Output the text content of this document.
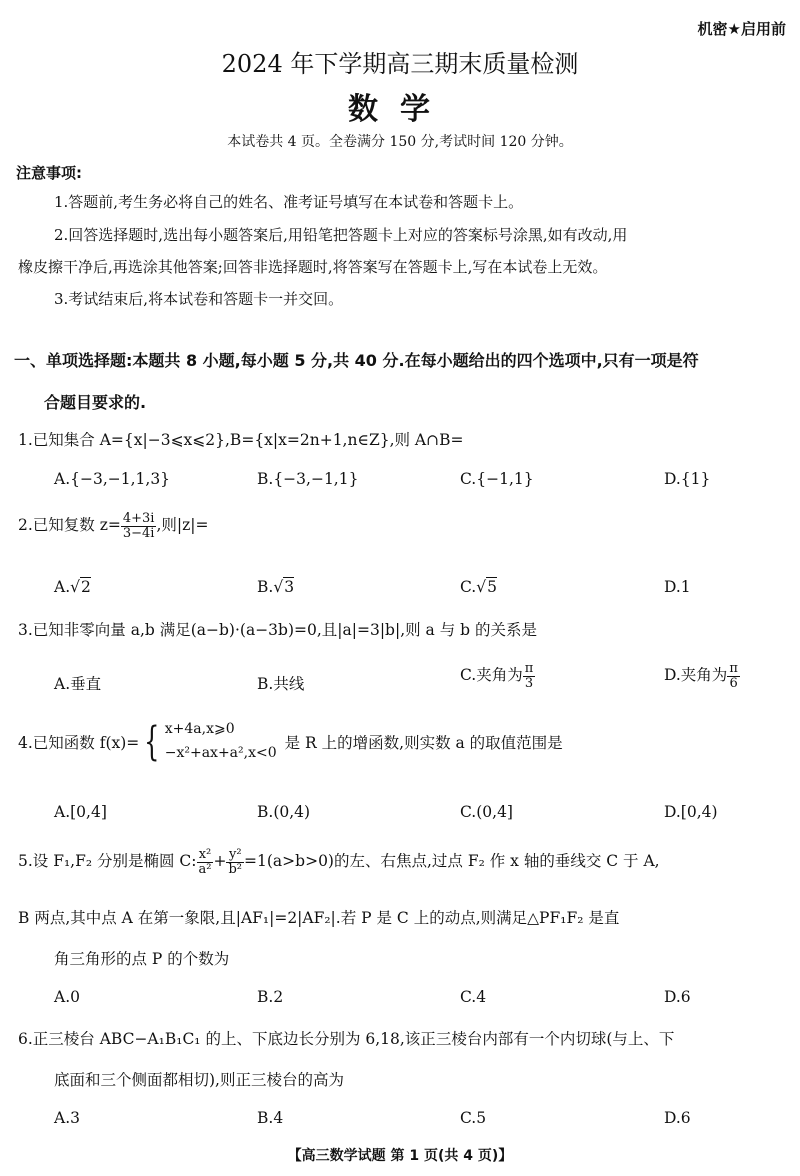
机密★启用前
2024 年下学期高三期末质量检测
数学
本试卷共 4 页。全卷满分 150 分,考试时间 120 分钟。
注意事项:
1.答题前,考生务必将自己的姓名、准考证号填写在本试卷和答题卡上。
2.回答选择题时,选出每小题答案后,用铅笔把答题卡上对应的答案标号涂黑,如有改动,用
橡皮擦干净后,再选涂其他答案;回答非选择题时,将答案写在答题卡上,写在本试卷上无效。
3.考试结束后,将本试卷和答题卡一并交回。
一、单项选择题:本题共 8 小题,每小题 5 分,共 40 分.在每小题给出的四个选项中,只有一项是符
合题目要求的.
1.已知集合 A={x|−3⩽x⩽2},B={x|x=2n+1,n∈Z},则 A∩B=
A.{−3,−1,1,3}	B.{−3,−1,1}	C.{−1,1}	D.{1}
2.已知复数 $z= \frac{4+3i}{3-4i}$ ,则|z|=
A.√2	B.√3	C.√5	D.1
3.已知非零向量 a,b 满足(a−b)·(a−3b)=0,且|a|=3|b|,则 a 与 b 的关系是
A.垂直	B.共线	C.夹角为 $\frac{\pi}{3}$	D.夹角为 $\frac{\pi}{6}$
4.已知函数 f(x)= { x+4a,x⩾0
−x²+ax+a²,x<0
是 R 上的增函数,则实数 a 的取值范围是
A.[0,4]	B.(0,4)	C.(0,4]	D.[0,4)
5.设 F₁,F₂ 分别是椭圆 C: $\frac{\text{x²}}{\text{a²}} + \frac{\text{y²}}{\text{b²}} =1(a>b>0)$的左、右焦点,过点 F₂ 作 x 轴的垂线交 C 于 A,
B 两点,其中点 A 在第一象限,且|AF₁|=2|AF₂|.若 P 是 C 上的动点,则满足△PF₁F₂ 是直
角三角形的点 P 的个数为
A.0	B.2	C.4	D.6
6.正三棱台 ABC−A₁B₁C₁ 的上、下底边长分别为 6,18,该正三棱台内部有一个内切球(与上、下
底面和三个侧面都相切),则正三棱台的高为
A.3	B.4	C.5	D.6
【高三数学试题 第 1 页(共 4 页)】
